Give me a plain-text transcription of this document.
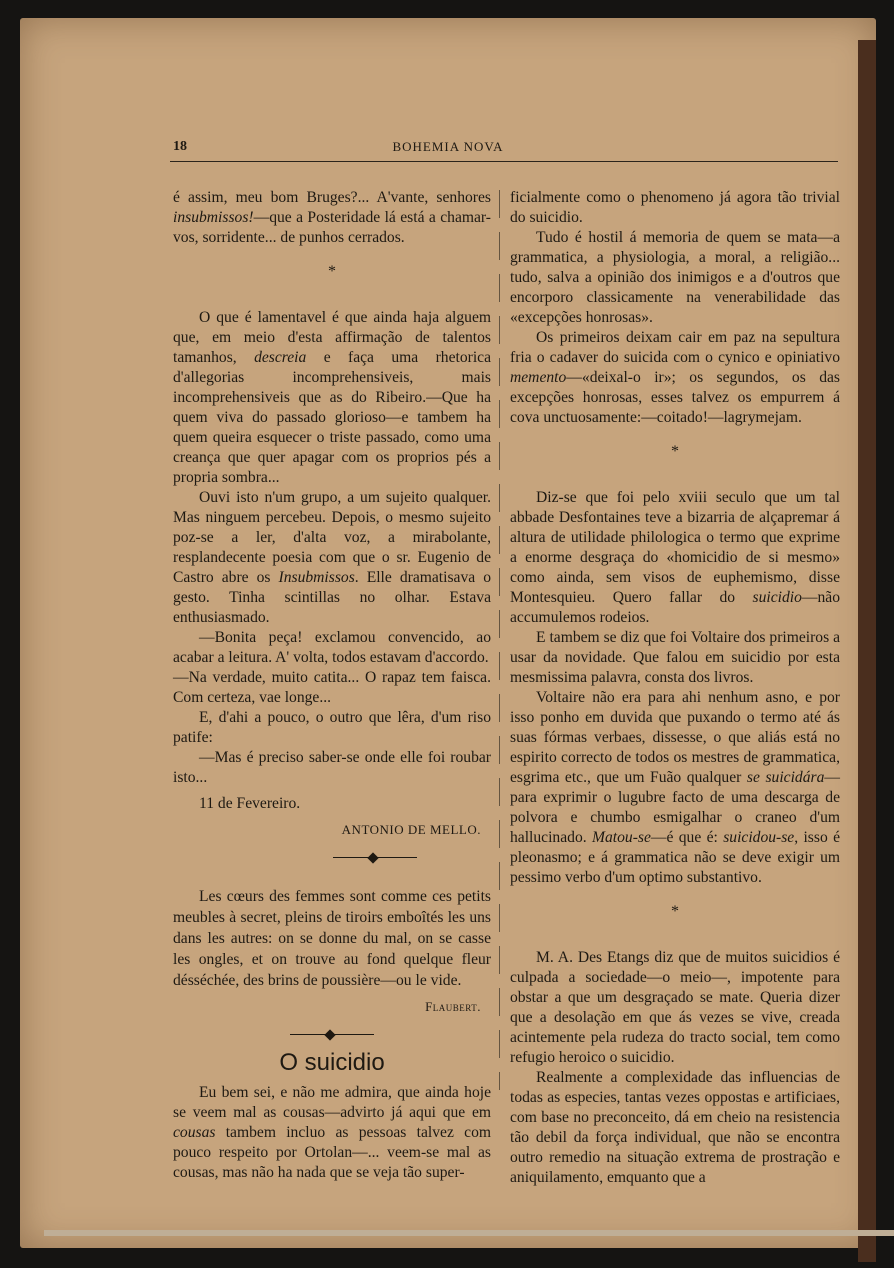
18	BOHEMIA NOVA

é assim, meu bom Bruges?... A'vante, senhores insubmissos!—que a Posteridade lá está a chamar-vos, sorridente... de punhos cerrados.

*

O que é lamentavel é que ainda haja alguem que, em meio d'esta affirmação de talentos tamanhos, descreia e faça uma rhetorica d'allegorias incomprehensiveis, mais incomprehensiveis que as do Ribeiro.—Que ha quem viva do passado glorioso—e tambem ha quem queira esquecer o triste passado, como uma creança que quer apagar com os proprios pés a propria sombra...

Ouvi isto n'um grupo, a um sujeito qualquer. Mas ninguem percebeu. Depois, o mesmo sujeito poz-se a ler, d'alta voz, a mirabolante, resplandecente poesia com que o sr. Eugenio de Castro abre os Insubmissos. Elle dramatisava o gesto. Tinha scintillas no olhar. Estava enthusiasmado.

—Bonita peça! exclamou convencido, ao acabar a leitura. A' volta, todos estavam d'accordo.

—Na verdade, muito catita... O rapaz tem faisca. Com certeza, vae longe...

E, d'ahi a pouco, o outro que lêra, d'um riso patife:

—Mas é preciso saber-se onde elle foi roubar isto...

11 de Fevereiro.

ANTONIO DE MELLO.

Les cœurs des femmes sont comme ces petits meubles à secret, pleins de tiroirs emboîtés les uns dans les autres: on se donne du mal, on se casse les ongles, et on trouve au fond quelque fleur désséchée, des brins de poussière—ou le vide.

Flaubert.

O suicidio

Eu bem sei, e não me admira, que ainda hoje se veem mal as cousas—advirto já aqui que em cousas tambem incluo as pessoas talvez com pouco respeito por Ortolan—... veem-se mal as cousas, mas não ha nada que se veja tão super-

ficialmente como o phenomeno já agora tão trivial do suicidio.

Tudo é hostil á memoria de quem se mata—a grammatica, a physiologia, a moral, a religião... tudo, salva a opinião dos inimigos e a d'outros que encorporo classicamente na venerabilidade das «excepções honrosas».

Os primeiros deixam cair em paz na sepultura fria o cadaver do suicida com o cynico e opiniativo memento—«deixal-o ir»; os segundos, os das excepções honrosas, esses talvez os empurrem á cova unctuosamente:—coitado!—lagrymejam.

*

Diz-se que foi pelo xviii seculo que um tal abbade Desfontaines teve a bizarria de alçapremar á altura de utilidade philologica o termo que exprime a enorme desgraça do «homicidio de si mesmo» como ainda, sem visos de euphemismo, disse Montesquieu. Quero fallar do suicidio—não accumulemos rodeios.

E tambem se diz que foi Voltaire dos primeiros a usar da novidade. Que falou em suicidio por esta mesmissima palavra, consta dos livros.

Voltaire não era para ahi nenhum asno, e por isso ponho em duvida que puxando o termo até ás suas fórmas verbaes, dissesse, o que aliás está no espirito correcto de todos os mestres de grammatica, esgrima etc., que um Fuão qualquer se suicidára—para exprimir o lugubre facto de uma descarga de polvora e chumbo esmigalhar o craneo d'um hallucinado. Matou-se—é que é: suicidou-se, isso é pleonasmo; e á grammatica não se deve exigir um pessimo verbo d'um optimo substantivo.

*

M. A. Des Etangs diz que de muitos suicidios é culpada a sociedade—o meio—, impotente para obstar a que um desgraçado se mate. Queria dizer que a desolação em que ás vezes se vive, creada acintemente pela rudeza do tracto social, tem como refugio heroico o suicidio.

Realmente a complexidade das influencias de todas as especies, tantas vezes oppostas e artificiaes, com base no preconceito, dá em cheio na resistencia tão debil da força individual, que não se encontra outro remedio na situação extrema de prostração e aniquilamento, emquanto que a
